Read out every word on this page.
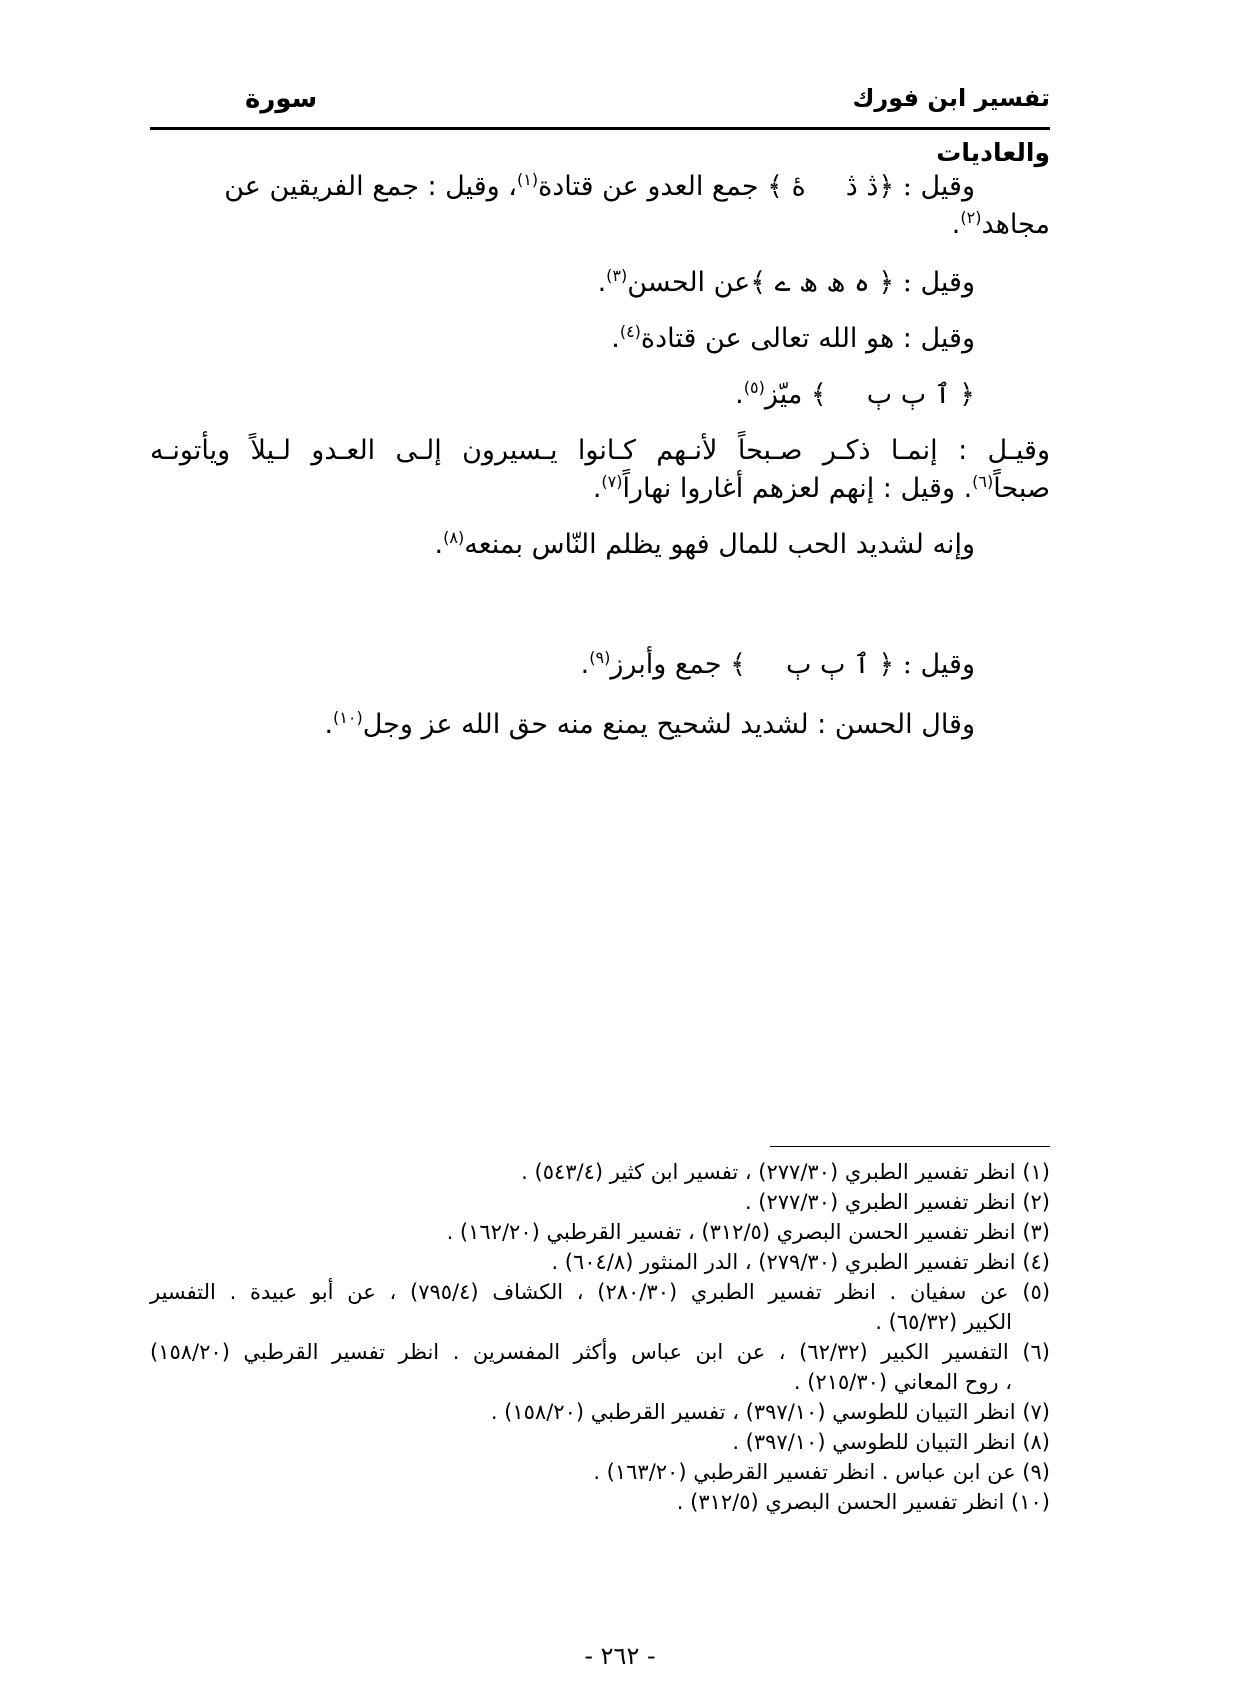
تفسير ابن فورك
سورة
والعاديات
وقيل : ﴿ڎ ڎۀ ﴾ جمع العدو عن قتادة$^{(١)}$، وقيل : جمع الفريقين عن
مجاهد$^{(٢)}$.
وقيل : ﴿ ہ ھ ھ ے ﴾عن الحسن$^{(٣)}$.
وقيل : هو الله تعالى عن قتادة$^{(٤)}$.
﴿ ٱ ٻ ٻ﴾ ميّز$^{(٥)}$.
وقيـل : إنمـا ذكـر صـبحاً لأنـهم كـانوا يـسيرون إلـى العـدو لـيلاً ويأتونـه
صبحاً$^{(٦)}$. وقيل : إنهم لعزهم أغاروا نهاراً$^{(٧)}$.
وإنه لشديد الحب للمال فهو يظلم النّاس بمنعه$^{(٨)}$.
وقيل : ﴿ ٱ ٻ ٻ﴾ جمع وأبرز$^{(٩)}$.
وقال الحسن : لشديد لشحيح يمنع منه حق الله عز وجل$^{(١٠)}$.
(١) انظر تفسير الطبري (٢٧٧/٣٠) ، تفسير ابن كثير (٥٤٣/٤) .
(٢) انظر تفسير الطبري (٢٧٧/٣٠) .
(٣) انظر تفسير الحسن البصري (٣١٢/٥) ، تفسير القرطبي (١٦٢/٢٠) .
(٤) انظر تفسير الطبري (٢٧٩/٣٠) ، الدر المنثور (٦٠٤/٨) .
(٥) عن سفيان . انظر تفسير الطبري (٢٨٠/٣٠) ، الكشاف (٧٩٥/٤) ، عن أبو عبيدة . التفسير
الكبير (٦٥/٣٢) .
(٦) التفسير الكبير (٦٢/٣٢) ، عن ابن عباس وأكثر المفسرين . انظر تفسير القرطبي (١٥٨/٢٠)
، روح المعاني (٢١٥/٣٠) .
(٧) انظر التبيان للطوسي (٣٩٧/١٠) ، تفسير القرطبي (١٥٨/٢٠) .
(٨) انظر التبيان للطوسي (٣٩٧/١٠) .
(٩) عن ابن عباس . انظر تفسير القرطبي (١٦٣/٢٠) .
(١٠) انظر تفسير الحسن البصري (٣١٢/٥) .
- ٢٦٢ -
